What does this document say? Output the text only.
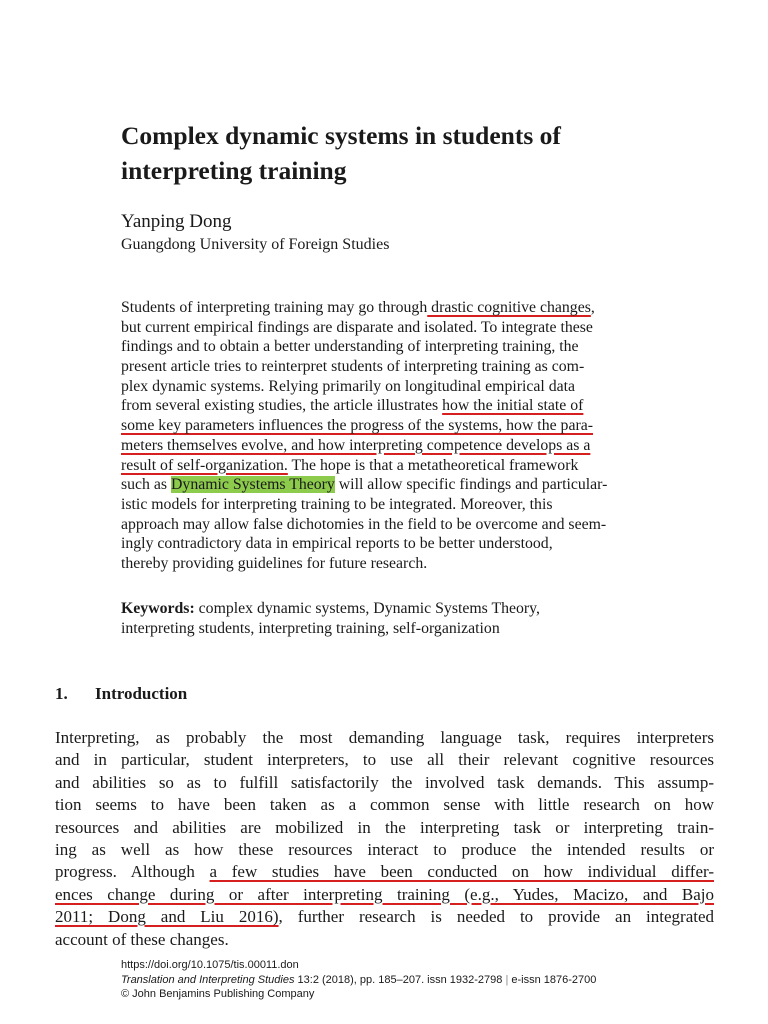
Complex dynamic systems in students of
interpreting training
Yanping Dong
Guangdong University of Foreign Studies
Students of interpreting training may go through drastic cognitive changes,
but current empirical findings are disparate and isolated. To integrate these
findings and to obtain a better understanding of interpreting training, the
present article tries to reinterpret students of interpreting training as com-
plex dynamic systems. Relying primarily on longitudinal empirical data
from several existing studies, the article illustrates how the initial state of
some key parameters influences the progress of the systems, how the para-
meters themselves evolve, and how interpreting competence develops as a
result of self-organization. The hope is that a metatheoretical framework
such as Dynamic Systems Theory will allow specific findings and particular-
istic models for interpreting training to be integrated. Moreover, this
approach may allow false dichotomies in the field to be overcome and seem-
ingly contradictory data in empirical reports to be better understood,
thereby providing guidelines for future research.
Keywords: complex dynamic systems, Dynamic Systems Theory,
interpreting students, interpreting training, self-organization
1. Introduction
Interpreting, as probably the most demanding language task, requires interpreters
and in particular, student interpreters, to use all their relevant cognitive resources
and abilities so as to fulfill satisfactorily the involved task demands. This assump-
tion seems to have been taken as a common sense with little research on how
resources and abilities are mobilized in the interpreting task or interpreting train-
ing as well as how these resources interact to produce the intended results or
progress. Although a few studies have been conducted on how individual differ-
ences change during or after interpreting training (e.g., Yudes, Macizo, and Bajo
2011; Dong and Liu 2016), further research is needed to provide an integrated
account of these changes.
https://doi.org/10.1075/tis.00011.don
Translation and Interpreting Studies 13:2 (2018), pp. 185–207. issn 1932-2798 | e-issn 1876-2700
© John Benjamins Publishing Company
